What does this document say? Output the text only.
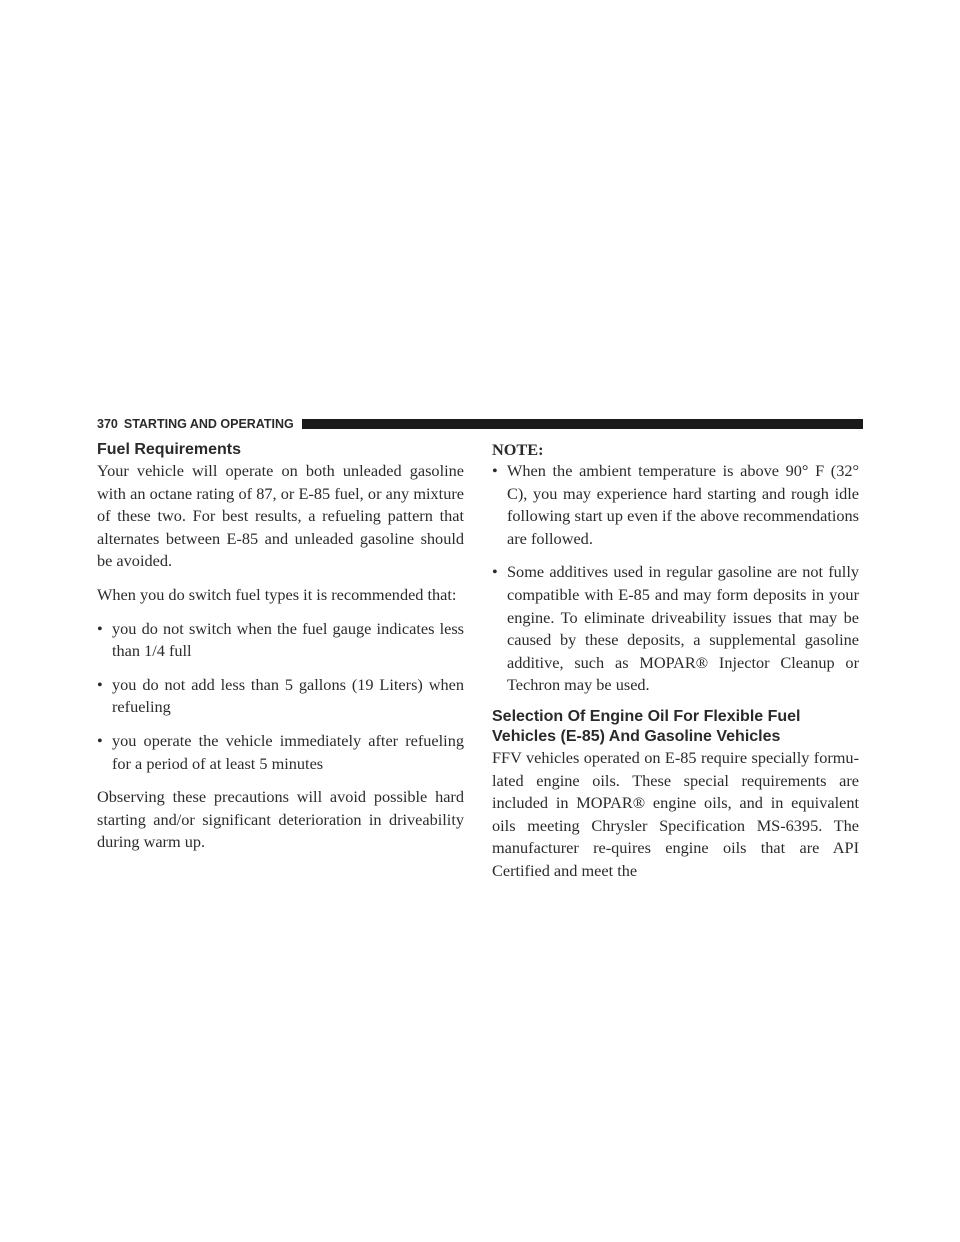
370 STARTING AND OPERATING
Fuel Requirements

Your vehicle will operate on both unleaded gasoline with an octane rating of 87, or E-85 fuel, or any mixture of these two. For best results, a refueling pattern that alternates between E-85 and unleaded gasoline should be avoided.

When you do switch fuel types it is recommended that:

• you do not switch when the fuel gauge indicates less than 1/4 full
• you do not add less than 5 gallons (19 Liters) when refueling
• you operate the vehicle immediately after refueling for a period of at least 5 minutes

Observing these precautions will avoid possible hard starting and/or significant deterioration in driveability during warm up.

NOTE:
• When the ambient temperature is above 90° F (32° C), you may experience hard starting and rough idle following start up even if the above recommendations are followed.
• Some additives used in regular gasoline are not fully compatible with E-85 and may form deposits in your engine. To eliminate driveability issues that may be caused by these deposits, a supplemental gasoline additive, such as MOPAR® Injector Cleanup or Techron may be used.
Selection Of Engine Oil For Flexible Fuel Vehicles (E-85) And Gasoline Vehicles

FFV vehicles operated on E-85 require specially formu-lated engine oils. These special requirements are included in MOPAR® engine oils, and in equivalent oils meeting Chrysler Specification MS-6395. The manufacturer re-quires engine oils that are API Certified and meet the
